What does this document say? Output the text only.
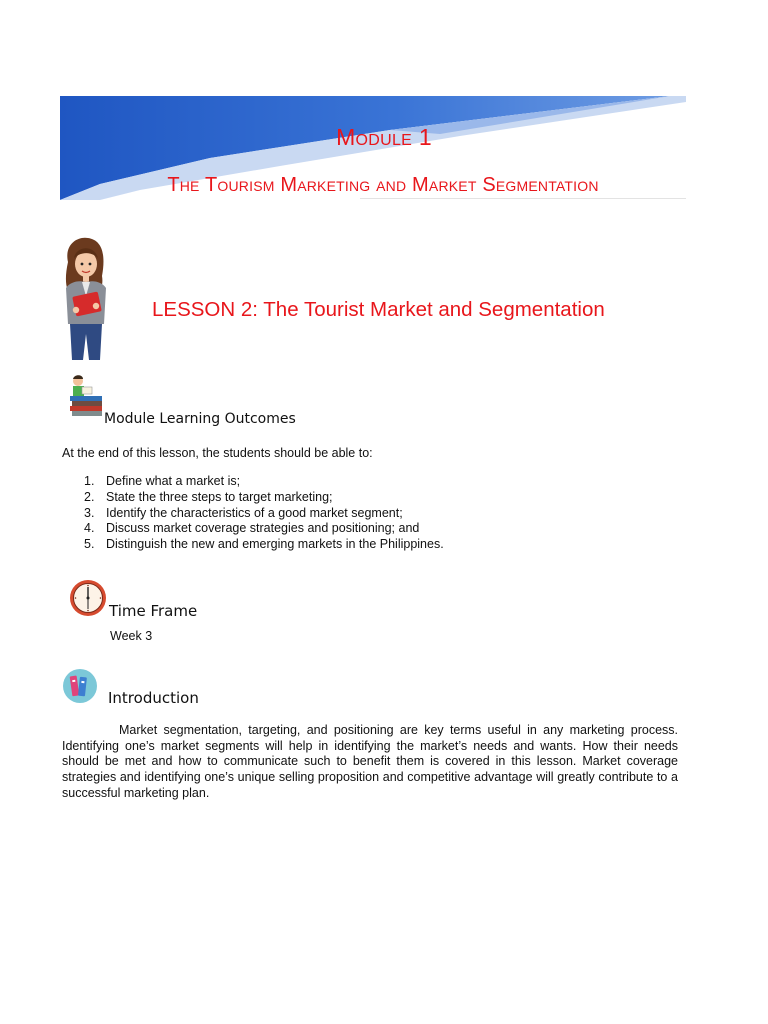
Module 1
The Tourism Marketing and Market Segmentation
LESSON 2: The Tourist Market and Segmentation
Module Learning Outcomes
At the end of this lesson, the students should be able to:
1. Define what a market is;
2. State the three steps to target marketing;
3. Identify the characteristics of a good market segment;
4. Discuss market coverage strategies and positioning; and
5. Distinguish the new and emerging markets in the Philippines.
Time Frame
Week 3
Introduction

Market segmentation, targeting, and positioning are key terms useful in any marketing process. Identifying one’s market segments will help in identifying the market’s needs and wants. How their needs should be met and how to communicate such to benefit them is covered in this lesson. Market coverage strategies and identifying one’s unique selling proposition and competitive advantage will greatly contribute to a successful marketing plan.
